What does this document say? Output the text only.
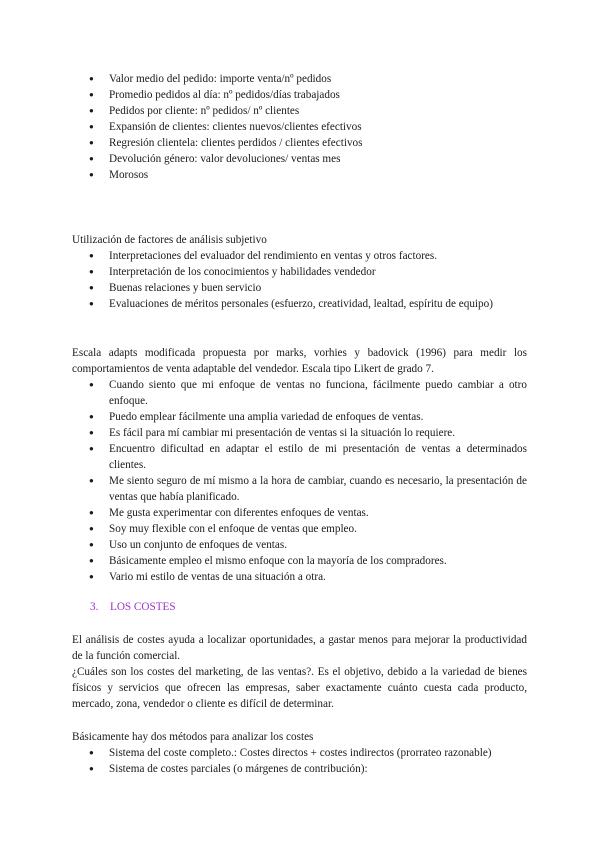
● Valor medio del pedido: importe venta/nº pedidos
● Promedio pedidos al día: nº pedidos/días trabajados
● Pedidos por cliente: nº pedidos/ nº clientes
● Expansión de clientes: clientes nuevos/clientes efectivos
● Regresión clientela: clientes perdidos / clientes efectivos
● Devolución género: valor devoluciones/ ventas mes
● Morosos

Utilización de factores de análisis subjetivo

● Interpretaciones del evaluador del rendimiento en ventas y otros factores.
● Interpretación de los conocimientos y habilidades vendedor
● Buenas relaciones y buen servicio
● Evaluaciones de méritos personales (esfuerzo, creatividad, lealtad, espíritu de equipo)

Escala adapts modificada propuesta por marks, vorhies y badovick (1996) para medir los comportamientos de venta adaptable del vendedor. Escala tipo Likert de grado 7.

● Cuando siento que mi enfoque de ventas no funciona, fácilmente puedo cambiar a otro enfoque.
● Puedo emplear fácilmente una amplia variedad de enfoques de ventas.
● Es fácil para mí cambiar mi presentación de ventas si la situación lo requiere.
● Encuentro dificultad en adaptar el estilo de mi presentación de ventas a determinados clientes.
● Me siento seguro de mí mismo a la hora de cambiar, cuando es necesario, la presentación de ventas que había planificado.
● Me gusta experimentar con diferentes enfoques de ventas.
● Soy muy flexible con el enfoque de ventas que empleo.
● Uso un conjunto de enfoques de ventas.
● Básicamente empleo el mismo enfoque con la mayoría de los compradores.
● Vario mi estilo de ventas de una situación a otra.
3. LOS COSTES

El análisis de costes ayuda a localizar oportunidades, a gastar menos para mejorar la productividad de la función comercial.

¿Cuáles son los costes del marketing, de las ventas?. Es el objetivo, debido a la variedad de bienes físicos y servicios que ofrecen las empresas, saber exactamente cuánto cuesta cada producto, mercado, zona, vendedor o cliente es difícil de determinar.

Básicamente hay dos métodos para analizar los costes

● Sistema del coste completo.: Costes directos + costes indirectos (prorrateo razonable)
● Sistema de costes parciales (o márgenes de contribución):
